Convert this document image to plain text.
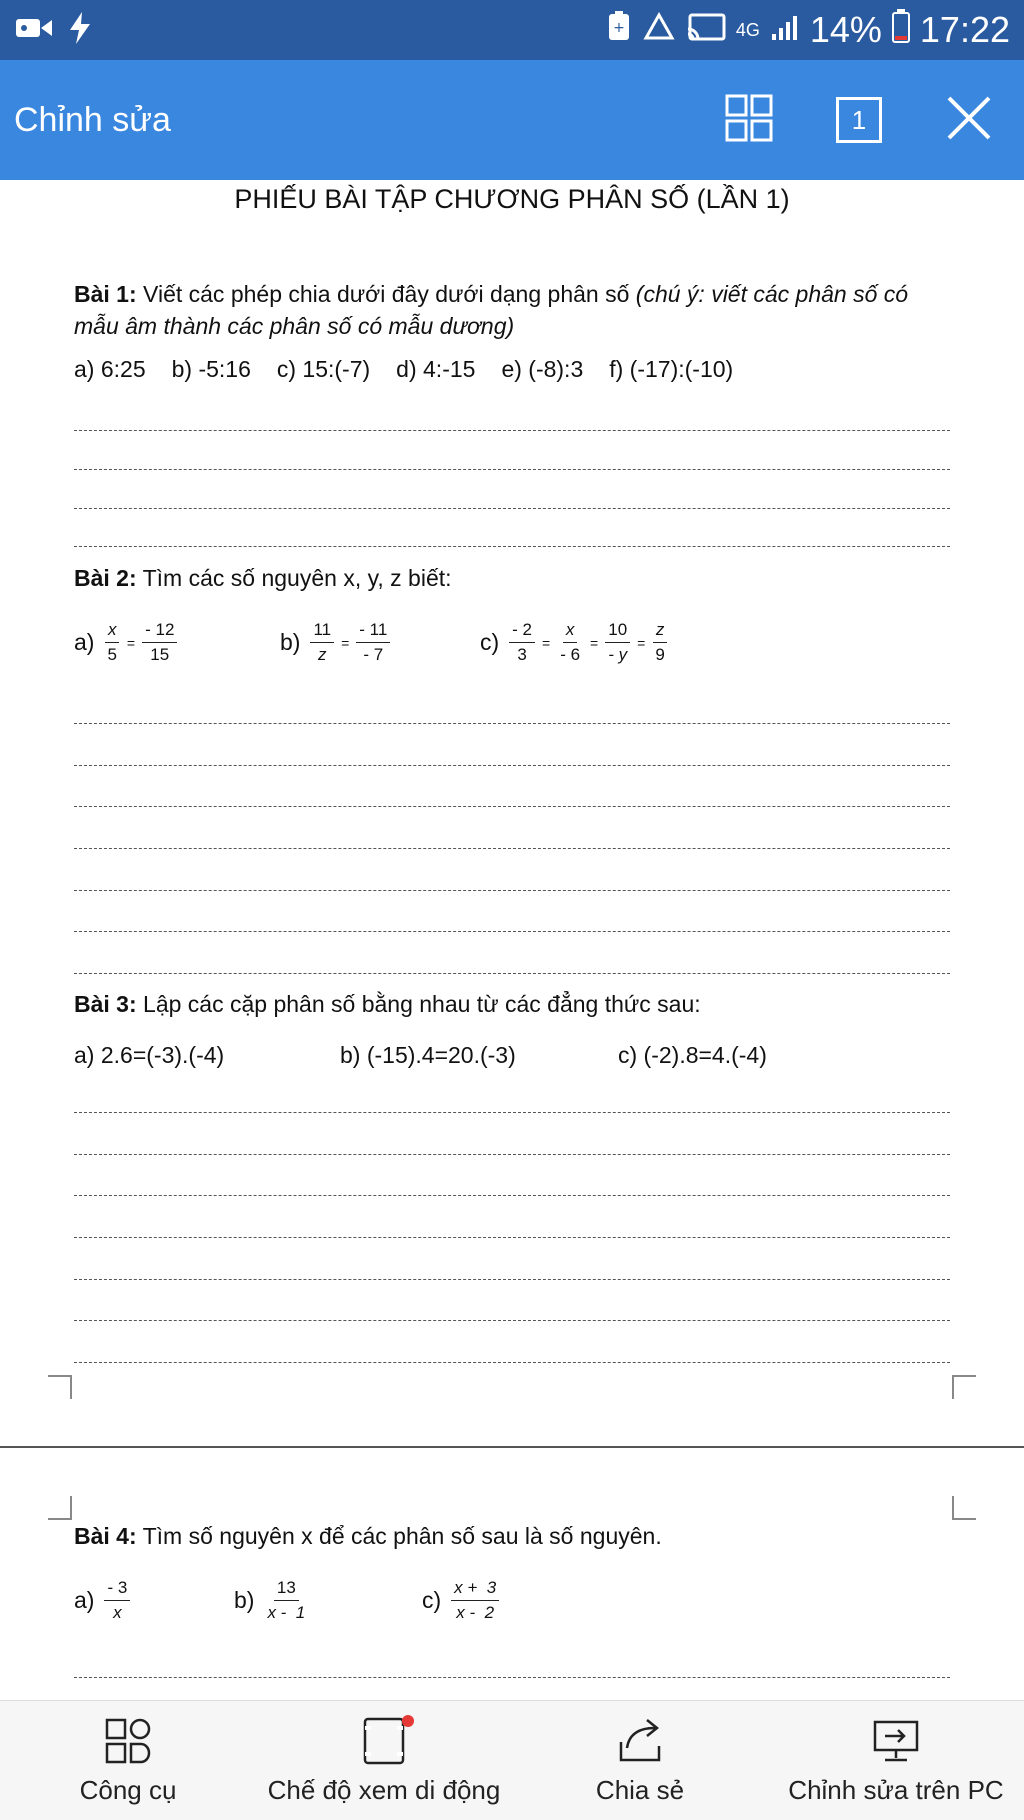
+	4G 14% 17:22
Chỉnh sửa	1
PHIẾU BÀI TẬP CHƯƠNG PHÂN SỐ (LẦN 1)
Bài 1: Viết các phép chia dưới đây dưới dạng phân số (chú ý: viết các phân số có mẫu âm thành các phân số có mẫu dương)
a) 6:25 b) -5:16 c) 15:(-7) d) 4:-15 e) (-8):3 f) (-17):(-10)
Bài 2: Tìm các số nguyên x, y, z biết:
$a) \frac{x}{5} = \frac{- 12}{15}$	$b) \frac{11}{z} = \frac{- 11}{- 7}$	$c) \frac{- 2}{3} = \frac{x}{- 6} = \frac{10}{- y} = \frac{z}{9}$
Bài 3: Lập các cặp phân số bằng nhau từ các đẳng thức sau:
a) 2.6=(-3).(-4)	b) (-15).4=20.(-3)	c) (-2).8=4.(-4)
Bài 4: Tìm số nguyên x để các phân số sau là số nguyên.
$a) \frac{- 3}{x}$	$b) \frac{13}{x - 1}$	$c) \frac{x + 3}{x - 2}$
Công cụ	Chế độ xem di động	Chia sẻ	Chỉnh sửa trên PC
